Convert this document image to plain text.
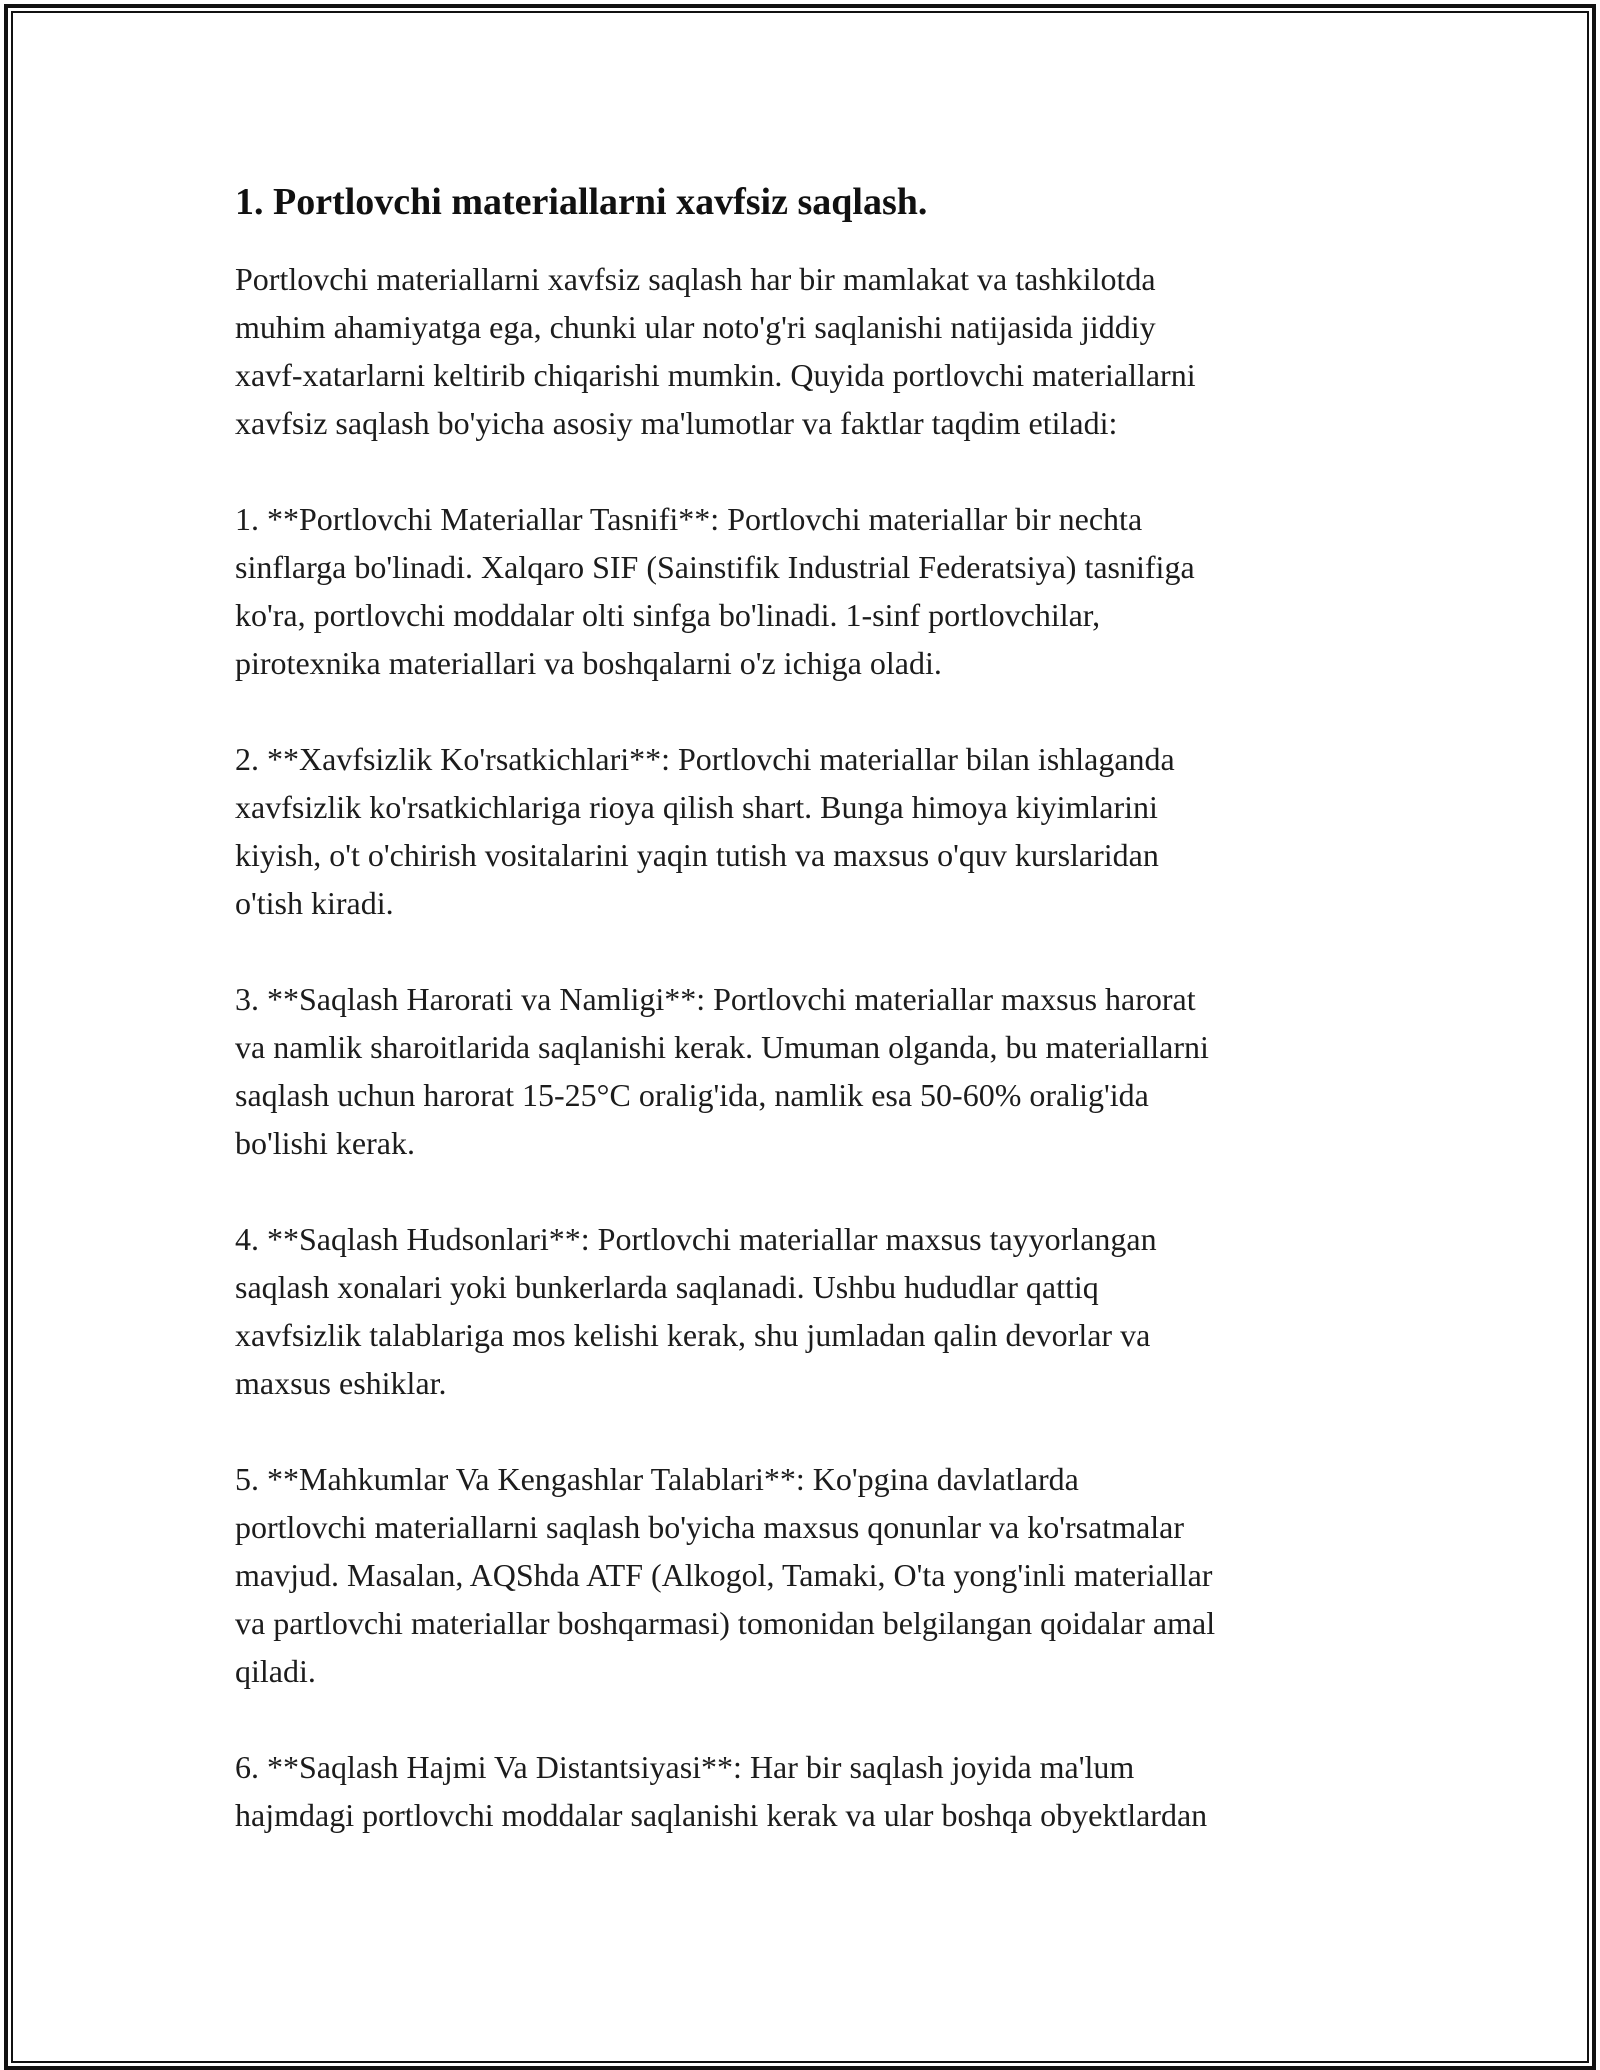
1. Portlovchi materiallarni xavfsiz saqlash.

Portlovchi materiallarni xavfsiz saqlash har bir mamlakat va tashkilotda
muhim ahamiyatga ega, chunki ular noto'g'ri saqlanishi natijasida jiddiy
xavf-xatarlarni keltirib chiqarishi mumkin. Quyida portlovchi materiallarni
xavfsiz saqlash bo'yicha asosiy ma'lumotlar va faktlar taqdim etiladi:

1. **Portlovchi Materiallar Tasnifi**: Portlovchi materiallar bir nechta
sinflarga bo'linadi. Xalqaro SIF (Sainstifik Industrial Federatsiya) tasnifiga
ko'ra, portlovchi moddalar olti sinfga bo'linadi. 1-sinf portlovchilar,
pirotexnika materiallari va boshqalarni o'z ichiga oladi.

2. **Xavfsizlik Ko'rsatkichlari**: Portlovchi materiallar bilan ishlaganda
xavfsizlik ko'rsatkichlariga rioya qilish shart. Bunga himoya kiyimlarini
kiyish, o't o'chirish vositalarini yaqin tutish va maxsus o'quv kurslaridan
o'tish kiradi.

3. **Saqlash Harorati va Namligi**: Portlovchi materiallar maxsus harorat
va namlik sharoitlarida saqlanishi kerak. Umuman olganda, bu materiallarni
saqlash uchun harorat 15-25°C oralig'ida, namlik esa 50-60% oralig'ida
bo'lishi kerak.

4. **Saqlash Hudsonlari**: Portlovchi materiallar maxsus tayyorlangan
saqlash xonalari yoki bunkerlarda saqlanadi. Ushbu hududlar qattiq
xavfsizlik talablariga mos kelishi kerak, shu jumladan qalin devorlar va
maxsus eshiklar.

5. **Mahkumlar Va Kengashlar Talablari**: Ko'pgina davlatlarda
portlovchi materiallarni saqlash bo'yicha maxsus qonunlar va ko'rsatmalar
mavjud. Masalan, AQShda ATF (Alkogol, Tamaki, O'ta yong'inli materiallar
va partlovchi materiallar boshqarmasi) tomonidan belgilangan qoidalar amal
qiladi.

6. **Saqlash Hajmi Va Distantsiyasi**: Har bir saqlash joyida ma'lum
hajmdagi portlovchi moddalar saqlanishi kerak va ular boshqa obyektlardan
